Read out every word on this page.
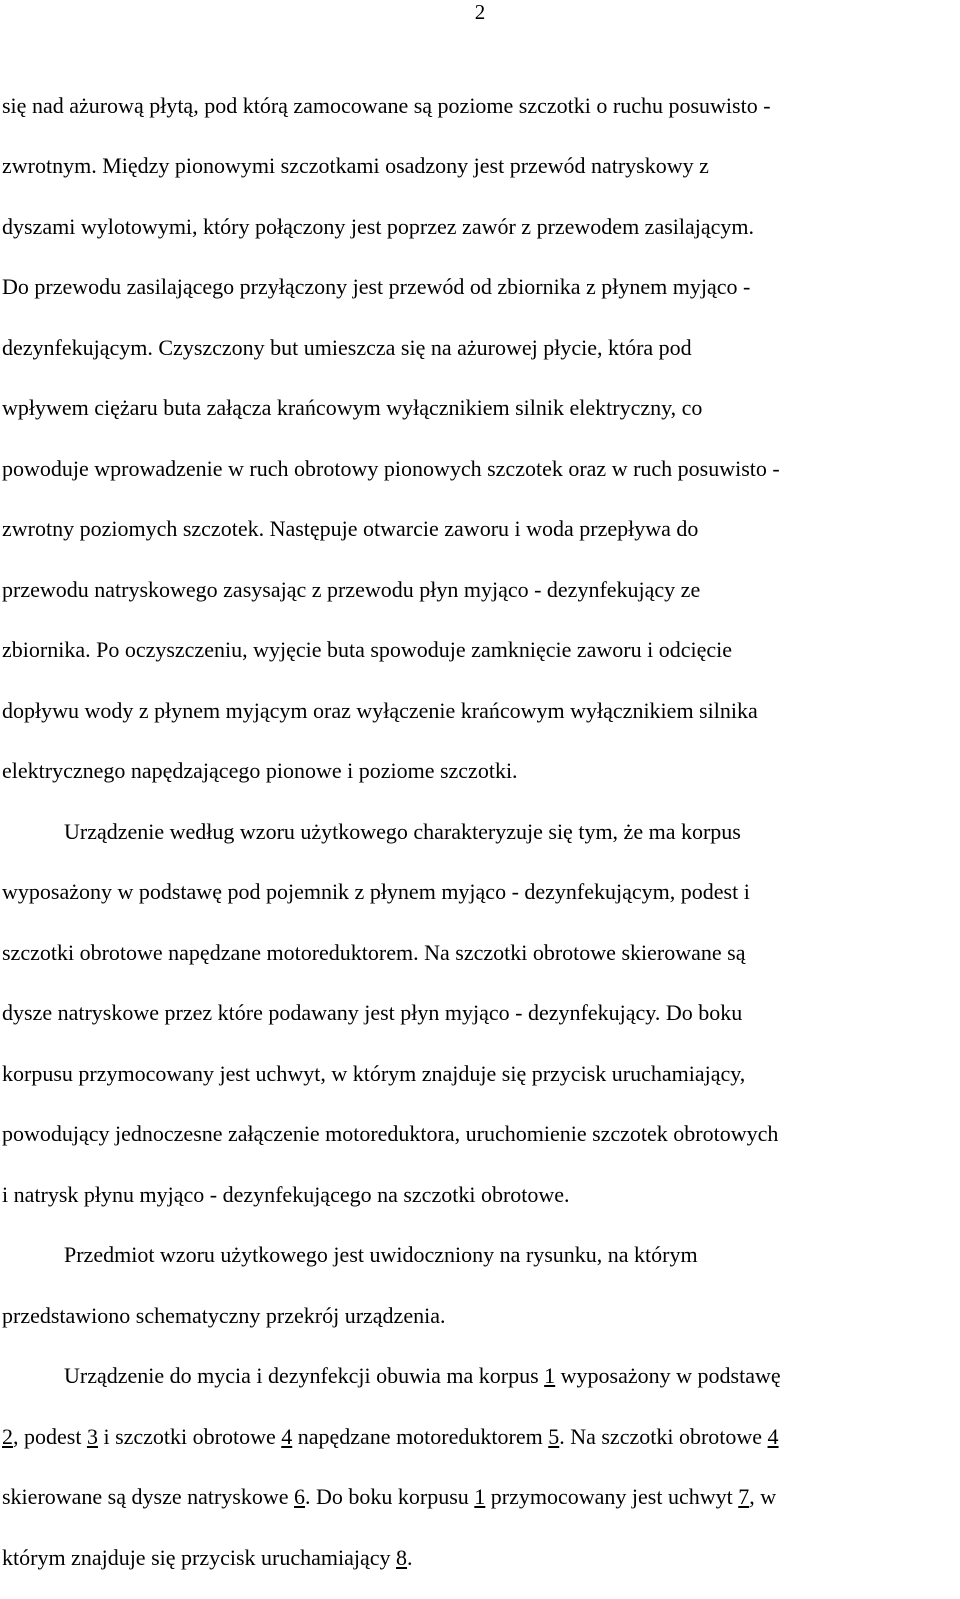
2

się nad ażurową płytą, pod którą zamocowane są poziome szczotki o ruchu posuwisto -

zwrotnym. Między pionowymi szczotkami osadzony jest przewód natryskowy z

dyszami wylotowymi, który połączony jest poprzez zawór z przewodem zasilającym.

Do przewodu zasilającego przyłączony jest przewód od zbiornika z płynem myjąco -

dezynfekującym. Czyszczony but umieszcza się na ażurowej płycie, która pod

wpływem ciężaru buta załącza krańcowym wyłącznikiem silnik elektryczny, co

powoduje wprowadzenie w ruch obrotowy pionowych szczotek oraz w ruch posuwisto -

zwrotny poziomych szczotek. Następuje otwarcie zaworu i woda przepływa do

przewodu natryskowego zasysając z przewodu płyn myjąco - dezynfekujący ze

zbiornika. Po oczyszczeniu, wyjęcie buta spowoduje zamknięcie zaworu i odcięcie

dopływu wody z płynem myjącym oraz wyłączenie krańcowym wyłącznikiem silnika

elektrycznego napędzającego pionowe i poziome szczotki.

Urządzenie według wzoru użytkowego charakteryzuje się tym, że ma korpus

wyposażony w podstawę pod pojemnik z płynem myjąco - dezynfekującym, podest i

szczotki obrotowe napędzane motoreduktorem. Na szczotki obrotowe skierowane są

dysze natryskowe przez które podawany jest płyn myjąco - dezynfekujący. Do boku

korpusu przymocowany jest uchwyt, w którym znajduje się przycisk uruchamiający,

powodujący jednoczesne załączenie motoreduktora, uruchomienie szczotek obrotowych

i natrysk płynu myjąco - dezynfekującego na szczotki obrotowe.

Przedmiot wzoru użytkowego jest uwidoczniony na rysunku, na którym

przedstawiono schematyczny przekrój urządzenia.

Urządzenie do mycia i dezynfekcji obuwia ma korpus 1 wyposażony w podstawę

2, podest 3 i szczotki obrotowe 4 napędzane motoreduktorem 5. Na szczotki obrotowe 4

skierowane są dysze natryskowe 6. Do boku korpusu 1 przymocowany jest uchwyt 7, w

którym znajduje się przycisk uruchamiający 8.
